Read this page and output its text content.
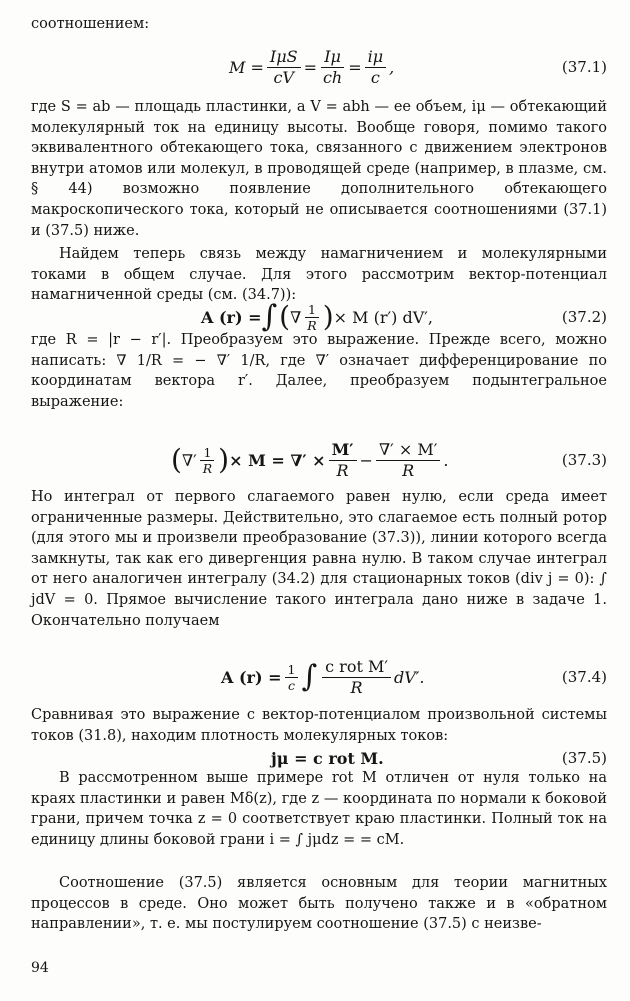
соотношением:
$M = \frac{\text{IμS}}{cV} = \frac{I\mu}{ch} = \frac{i\mu}{c}$ ,	(37.1)
где S = ab — площадь пластинки, а V = abh — ее объем, iμ — обтекающий молекулярный ток на единицу высоты. Вообще говоря, помимо такого эквивалентного обтекающего тока, связанного с движением электронов внутри атомов или молекул, в проводящей среде (например, в плазме, см. § 44) возможно появление дополнительного обтекающего макроскопического тока, который не описывается соотношениями (37.1) и (37.5) ниже.
Найдем теперь связь между намагничением и молекулярными токами в общем случае. Для этого рассмотрим вектор-потенциал намагниченной среды (см. (34.7)):
A (r) = ∫ ( ∇ $\frac{1}{R}$ ) × M (r′) dV′,	(37.2)
где R = |r − r′|. Преобразуем это выражение. Прежде всего, можно написать: ∇ 1/R = − ∇′ 1/R, где ∇′ означает дифференцирование по координатам вектора r′. Далее, преобразуем подынтегральное выражение:
( ∇′ $\frac{1}{R}$ ) × M = ∇′ × $\frac{M'}{R} - \frac{\nabla' \times M'}{R}$ .	(37.3)
Но интеграл от первого слагаемого равен нулю, если среда имеет ограниченные размеры. Действительно, это слагаемое есть полный ротор (для этого мы и произвели преобразование (37.3)), линии которого всегда замкнуты, так как его дивергенция равна нулю. В таком случае интеграл от него аналогичен интегралу (34.2) для стационарных токов (div j = 0): ∫ jdV = 0. Прямое вычисление такого интеграла дано ниже в задаче 1. Окончательно получаем
A $(r) = \frac{1}{c}$ ∫ $\frac{\text{c rot M′}}{R} dV'$.	(37.4)
Сравнивая это выражение с вектор-потенциалом произвольной системы токов (31.8), находим плотность молекулярных токов:
jμ = c rot M.	(37.5)
В рассмотренном выше примере rot M отличен от нуля только на краях пластинки и равен Mδ(z), где z — координата по нормали к боковой грани, причем точка z = 0 соответствует краю пластинки. Полный ток на единицу длины боковой грани i = ∫ jμdz = = cM.
Соотношение (37.5) является основным для теории магнитных процессов в среде. Оно может быть получено также и в «обратном направлении», т. е. мы постулируем соотношение (37.5) с неизве-
94
